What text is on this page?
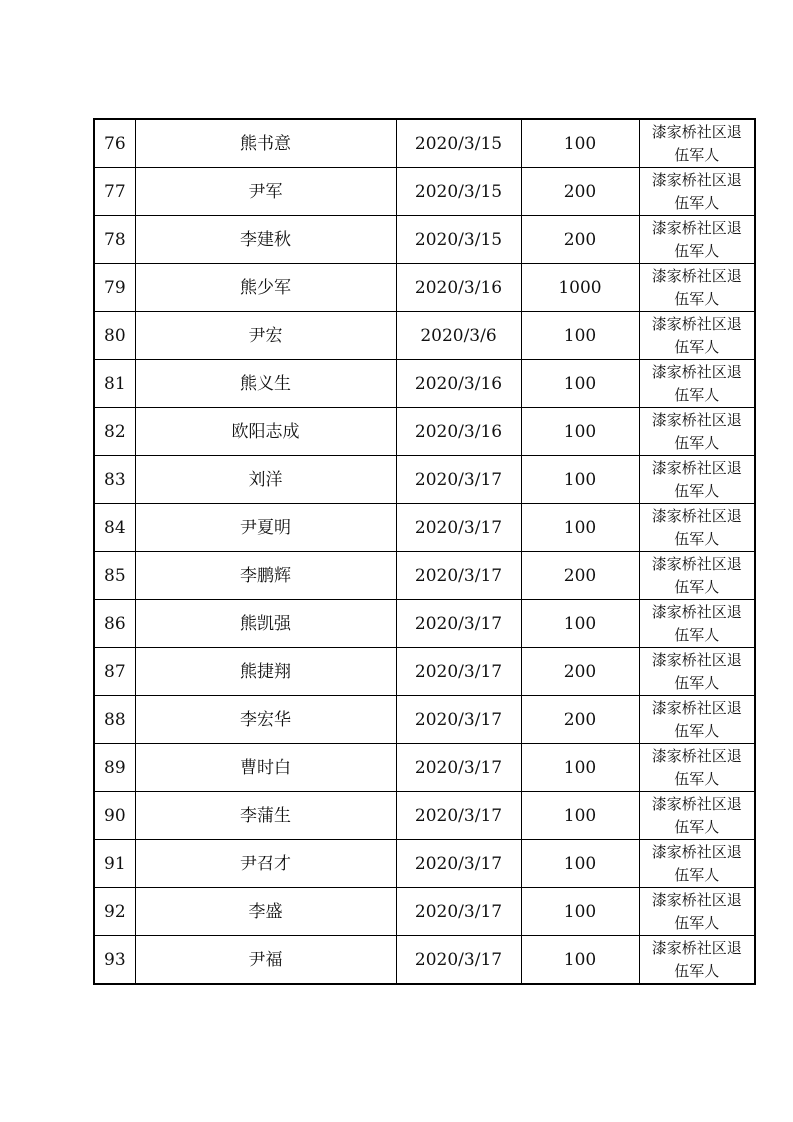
76	熊书意	2020/3/15	100	漆家桥社区退
伍军人

77	尹军	2020/3/15	200	漆家桥社区退
伍军人

78	李建秋	2020/3/15	200	漆家桥社区退
伍军人

79	熊少军	2020/3/16	1000	漆家桥社区退
伍军人

80	尹宏	2020/3/6	100	漆家桥社区退
伍军人

81	熊义生	2020/3/16	100	漆家桥社区退
伍军人

82	欧阳志成	2020/3/16	100	漆家桥社区退
伍军人

83	刘洋	2020/3/17	100	漆家桥社区退
伍军人

84	尹夏明	2020/3/17	100	漆家桥社区退
伍军人

85	李鹏辉	2020/3/17	200	漆家桥社区退
伍军人

86	熊凯强	2020/3/17	100	漆家桥社区退
伍军人

87	熊捷翔	2020/3/17	200	漆家桥社区退
伍军人

88	李宏华	2020/3/17	200	漆家桥社区退
伍军人

89	曹时白	2020/3/17	100	漆家桥社区退
伍军人

90	李蒲生	2020/3/17	100	漆家桥社区退
伍军人

91	尹召才	2020/3/17	100	漆家桥社区退
伍军人

92	李盛	2020/3/17	100	漆家桥社区退
伍军人

93	尹福	2020/3/17	100	漆家桥社区退
伍军人
